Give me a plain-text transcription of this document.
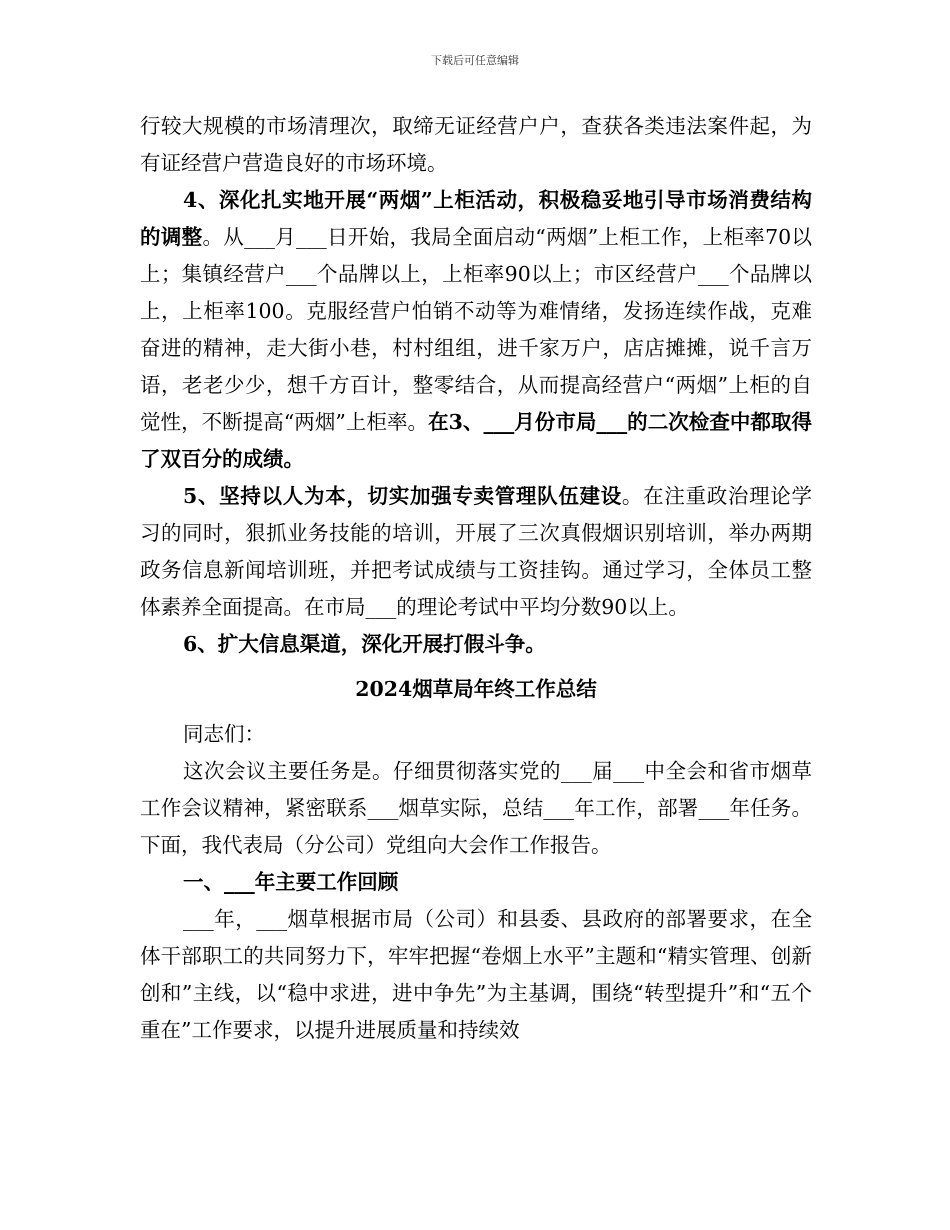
下载后可任意编辑

行较大规模的市场清理次，取缔无证经营户户，查获各类违法案件起，为有证经营户营造良好的市场环境。

4、深化扎实地开展“两烟”上柜活动，积极稳妥地引导市场消费结构的调整。从___月___日开始，我局全面启动“两烟”上柜工作，上柜率70以上；集镇经营户___个品牌以上，上柜率90以上；市区经营户___个品牌以上，上柜率100。克服经营户怕销不动等为难情绪，发扬连续作战，克难奋进的精神，走大街小巷，村村组组，进千家万户，店店摊摊，说千言万语，老老少少，想千方百计，整零结合，从而提高经营户“两烟”上柜的自觉性，不断提高“两烟”上柜率。在3、___月份市局___的二次检查中都取得了双百分的成绩。

5、坚持以人为本，切实加强专卖管理队伍建设。在注重政治理论学习的同时，狠抓业务技能的培训，开展了三次真假烟识别培训，举办两期政务信息新闻培训班，并把考试成绩与工资挂钩。通过学习，全体员工整体素养全面提高。在市局___的理论考试中平均分数90以上。

6、扩大信息渠道，深化开展打假斗争。

2024烟草局年终工作总结

同志们：

这次会议主要任务是。仔细贯彻落实党的___届___中全会和省市烟草工作会议精神，紧密联系___烟草实际，总结___年工作，部署___年任务。下面，我代表局（分公司）党组向大会作工作报告。

一、___年主要工作回顾

___年，___烟草根据市局（公司）和县委、县政府的部署要求，在全体干部职工的共同努力下，牢牢把握“卷烟上水平”主题和“精实管理、创新创和”主线，以“稳中求进，进中争先”为主基调，围绕“转型提升”和“五个重在”工作要求，以提升进展质量和持续效
